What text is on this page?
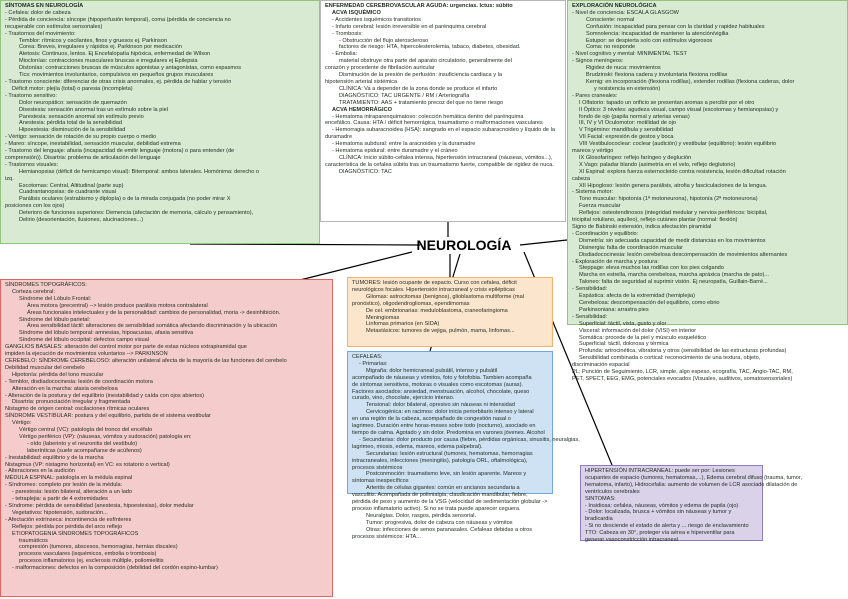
NEUROLOGÍA

SÍNTOMAS EN NEUROLOGÍA

- Cefalea: dolor de cabeza

- Pérdida de conciencia: síncope (hipoperfusión temporal), coma (pérdida de conciencia no

recuperable con estímulos sensoriales)

- Trastornos del movimiento:

Temblor: rítmicos y oscilantes, finos y gruesos ej. Parkinson

Corea: Breves, irregulares y rápidos ej. Parkinson por medicación

Atetosis: Continuos, lentos. Ej Encefalopatía hipóxica, enfermedad de Wilson

Mioclonías: contracciones musculares bruscas e irregulares ej Epilepsia

Distonías: contracciones bruscas de músculos agonistas y antagonistas, como espasmos

Tics: movimientos involuntarios, compulsivos en pequeños grupos musculares

- Trastorno consciente: diferenciar de otras crisis anormales, ej. pérdida de hablar y tensión

Déficit motor: plejía (total) o paresia (incompleta)

- Trastorno sensitivo:

Dolor neuropático: sensación de quemazón

Disestesia: sensación anormal tras un estímulo sobre la piel

Parestesia: sensación anormal sin estímulo previo

Anestesia: pérdida total de la sensibilidad

Hipoestesia: disminución de la sensibilidad

- Vértigo: sensación de rotación de su propio cuerpo o medio

- Mareo: síncope, inestabilidad, sensación muscular, debilidad extrema

- Trastorno del lenguaje: afasia (incapacidad de emitir lenguaje (motora) o para entender (de

comprensión)). Disartria: problema de articulación del lenguaje

- Trastornos visuales:

Hemianopsias (déficit de hemicampo visual): Bitemporal: ambos laterales. Homónima: derecho o

izq.

Escotomas: Central, Altitudinal (parte sup)

Cuadrantanopsias: de cuadrante visual

Parálisis oculares (estrabismo y diplopía) o de la mirada conjugada (no poder mirar X

posiciones con los ojos)

Deterioro de funciones superiores: Demencia (afectación de memoria, cálculo y pensamiento),

Delirio (desorientación, ilusiones, alucinaciones...)

ENFERMEDAD CEREBROVASCULAR AGUDA: urgencias. Ictus: súbito

ACVA ISQUÉMICO

- Accidentes isquémicos transitorios

- Infarto cerebral: lesión irreversible en el parénquima cerebral

- Trombosis:

- Obstrucción del flujo ateroscleroso

factores de riesgo: HTA, hipercolesterolemia, tabaco, diabetes, obesidad.

- Embolia:

material obstruye otra parte del aparato circulatorio, generalmente del

corazón y procedente de fibrilación auricular

Disminución de la presión de perfusión: insuficiencia cardiaca y la

hipotensión arterial sistémica

CLÍNICA: Va a depender de la zona donde se produce el infarto

DIAGNÓSTICO: TAC URGENTE / RM / Arteriografía

TRATAMIENTO: AAS + tratamiento precoz del que no tiene riesgo

ACVA HEMORRÁGICO

- Hematoma intraparenquimatoso: colección hemática dentro del parénquima

encefálico. Causa: HTA / déficit hemorrágica, traumatismo o malformaciones vasculares

- Hemorragia subaracnoidea (HSA): sangrado en el espacio subaracnoideo y líquido de la

duramadre

- Hematoma subdural: entre la aracnoides y la duramadre

- Hematoma epidural: entre duramadre y el cráneo

CLÍNICA: inicio súbito-cefalea intensa, hipertensión intracraneal (náuseas, vómitos...),

característica de la cefalea súbita tras un traumatismo fuerte, compatible de rigidez de nuca.

DIAGNÓSTICO: TAC

EXPLORACIÓN NEUROLÓGICA

- Nivel de conciencia: ESCALA GLASGOW

Consciente: normal

Confusión: incapacidad para pensar con la claridad y rapidez habituales

Somnolencia: incapacidad de mantener la atención/vigilia

Estupor: se despierta solo con estímulos vigorosos

Coma: no responde

- Nivel cognitivo y mental: MINIMENTAL TEST

- Signos meníngeos:

Rigidez de nuca: movimientos

Brudzinski: flexiona cadera y involuntaria flexiona rodillas

Kernig: en incorporación (flexiona rodillas), extender rodillas (flexiona caderas, dolor

y resistencia en extensión)

- Pares craneales:

I Olfatorio: tapado un orificio se presentan aromas a percibir por el otro

II Óptico: 3 niveles: agudeza visual, campo visual (escotomas y hemianopsias) y

fondo de ojo (papila normal y arterias venas)

III, IV y VI Oculomotor: motilidad de ojo

V Trigémino: mandíbula y sensibilidad

VII Facial: expresión de gestos y boca

VIII Vestibulococlear: coclear (audición) y vestibular (equilibrio): lesión equilibrio

mareos y vértigo

IX Glosofaríngeo: reflejo faríngeo y deglución

X Vago: paladar blando (asimetría en el velo, reflejo deglutorio)

XI Espinal: explora fuerza esternocleido contra resistencia, lesión dificultad rotación

cabeza

XII Hipogloso: lesión genera parálisis, atrofia y fasciculaciones de la lengua.

- Sistema motor:

Tono muscular: hipotonía (1ª motoneurona), hipotonía (2ª motoneurona)

Fuerza muscular

Reflejos: osteotendinosos (integridad medular y nervios periféricos: bicipital,

tricipital rotuliano, aquíleo), reflejo cutáneo plantar (normal: flexión)

Signo de Babinski extensión, indica afectación piramidal

- Coordinación y equilibrio:

Dismetría: sin adecuada capacidad de medir distancias en los movimientos

Disinergia: falta de coordinación muscular

Disdiadococinesia: lesión cerebelosa descompensación de movimientos alternantes

- Exploración de marcha y postura:

Steppage: eleva muchos las rodillas con los pies colgando

Marcha en estrella, marcha cerebelosa, marcha apráxica (marcha de pato)...

Taloneo: falta de seguridad al suprimir visión. Ej neuropatía, Guillain-Barré...

- Sensibilidad:

Espástica: afecta de la extremidad (hemiplejia)

Cerebelosa: descompensación del equilibrio, como ebrio

Parkinsoniana: arrastra pies

- Sensibilidad:

Superficial: táctil, vista, gusto y olor

Visceral: información del dolor (VISI) en interior

Somática: procede de la piel y músculo esquelético

Superficial: táctil, dolorosa y térmica

Profunda: artrocinética, vibratoria y otros (sensibilidad de las estructuras profundas)

Sensibilidad combinada o cortical: reconocimiento de una textura, objeto,

discriminación espacial

PL: Punción de Seguimiento, LCR, simple, algo espeso, ecografía, TAC, Angio-TAC, RM,

PET, SPECT, EEG, EMG, potenciales evocados (Visuales, auditivos, somatosensoriales)

TUMORES: lesión ocupante de espacio. Curso con cefalea, déficit

neurológicos focales. Hipertensión intracraneal y crisis epilépticas

Gliomas: astrocitomas (benignos), glioblastoma multiforme (mal

pronóstico), oligodendrogliomas, ependimomas

De cel. embrionarias: meduloblastoma, craneofaringioma

Meningiomas

Linfomas primarios (en SIDA)

Metastásicos: tumores de vejiga, pulmón, mama, linfomas...

SÍNDROMES TOPOGRÁFICOS:

Corteza cerebral:

Síndrome del Lóbulo Frontal:

Área motora (precentral) --> lesión produce parálisis motora contralateral

Áreas funcionales intelectuales y de la personalidad: cambios de personalidad, moria -> desinhibición.

Síndrome del lóbulo parietal:

Área sensibilidad táctil: alteraciones de sensibilidad somática afectando discriminación y la ubicación

Síndrome del lóbulo temporal: amnesias, hipoacusias, afasia sensitiva

Síndrome del lóbulo occipital: defectos campo visual

GANGLIOS BASALES: alteración del control motor por parte de estas núcleos extrapiramidal que

impiden la ejecución de movimientos voluntarios --> PARKINSON

CEREBELO: SÍNDROME CEREBELOSO: alteración unilateral afecta de la mayoría de las funciones del cerebelo

Debilidad muscular del cerebelo

Hipotonía: pérdida del tono muscular

- Temblor, disdiadococinesia: lesión de coordinación motora

Alteración en la marcha: ataxia cerebelosa

- Alteración de la postura y del equilibrio (inestabilidad y caída con ojos abiertos)

Disartria: pronunciación irregular y fragmentada

Nistagmo de origen central: oscilaciones rítmicas oculares

SÍNDROME VESTIBULAR: postura y del equilibrio, partida de el sistema vestibular

Vértigo:

Vértigo central (VC): patología del tronco del encéfalo

Vértigo periférico (VP): (náuseas, vómitos y sudoración) patología en:

- oído (laberinto y el neuronitis del vestíbulo)

laberínticas (suele acompañarse de acúfenos)

- Inestabilidad: equilibrio y de la marcha

Nistagmus (VP: nistagmo horizontal) en VC: es rotatorio o vertical)

- Alteraciones en la audición

MÉDULA ESPINAL: patología en la médula espinal

- Síndromes: completo por lesión de la médula:

- parestesia: lesión bilateral, alteración a un lado

- tetraplejia: a partir de 4 extremidades

- Síndrome: pérdida de sensibilidad (anestesia, hipoestesias), dolor medular

Vegetativos: hipotensión, sudoración...

- Afectación extrínseca: incontinencia de esfínteres

Reflejos: pérdida por pérdida del arco reflejo

ETIOPATOGENIA SÍNDROMES TOPOGRÁFICOS

traumáticos

compresión (tumores, abscesos, hemorragias, hernias discales)

procesos vasculares (isquémicos, embolia o trombosis)

procesos inflamatorios (ej. esclerosis múltiple, poliomielitis

- malformaciones: defectos en la composición (debilidad del cordón espino-lumbar)

CEFALEAS:

- Primarias:

Migraña: dolor hemicraneal pulsátil, intenso y pulsátil

acompañado de náuseas y vómitos, foto y fotofobia. Tambien acompaña

de síntomas sensitivos, motoras o visuales como escotomas (auras).

Factores asociados: ansiedad, menstruación, alcohol, chocolate, queso

curado, vino, chocolate, ejercicio intenso.

Tensional: dolor bilateral, opresivo sin náuseas ni intensidad

Cervicogénica: en racimos: dolor inicia periorbitario intenso y lateral

en una región de la cabeza, acompañado de congestión nasal o

lagrimeo. Duración entre horas-meses sobre todo (nocturno), asociado en

tiempo de calma. Agotado y sin dolor. Predomina en varones jóvenes. Alcohol

- Secundarias: dolor producto por causa (fiebre, pérdidas orgánicas, sinusitis, neuralgias,

lagrimeo, miosis, edema, mareos, edema palpebral).

Secundarias: lesión estructural (tumores, hematomas, hemorragias

intracraneales, infecciones (meningitis), patología ORL, oftalmológica),

procesos sistémicos

Postconmoción: traumatismo leve, sin lesión aparente. Mareos y

síntomas inespecíficos

Arteritis de células gigantes: común en ancianos secundaria a

vasculitis. Acompañada de polimialgia, claudicación mandibular, fiebre,

pérdida de peso y aumento de la VSG (velocidad de sedimentación globular ->

proceso inflamatorio activo). Si no se trata puede aparecer ceguera.

Neuralgias. Dolor, rasgos, pérdida sensorial.

Tumor: progresiva, dolor de cabeza con náuseas y vómitos

Otras: infecciones de senos paranasales. Cefaleas debidas a otros

procesos sistémicos: HTA...

HIPERTENSIÓN INTRACRANEAL: puede ser por: Lesiones

ocupantes de espacio (tumores, hematomas,...), Edema cerebral difuso (trauma, tumor,

hematoma, infarto), Hidrocefalia: aumento de volumen de LCR asociado dilatación de

ventrículos cerebrales

SINTOMAS:

- Insidiosa: cefalea, náuseas, vómitos y edema de papila (ojo)

- Dolor: localizada, brusca + vómitos sin náuseas y tumor y

bradicardia

- Si no desciende el estado de alerta y ... riesgo de enclavamiento

TTO: Cabeza en 30°, proteger vía aérea e hiperventilar para

generar vasoconstricción intracraneal
